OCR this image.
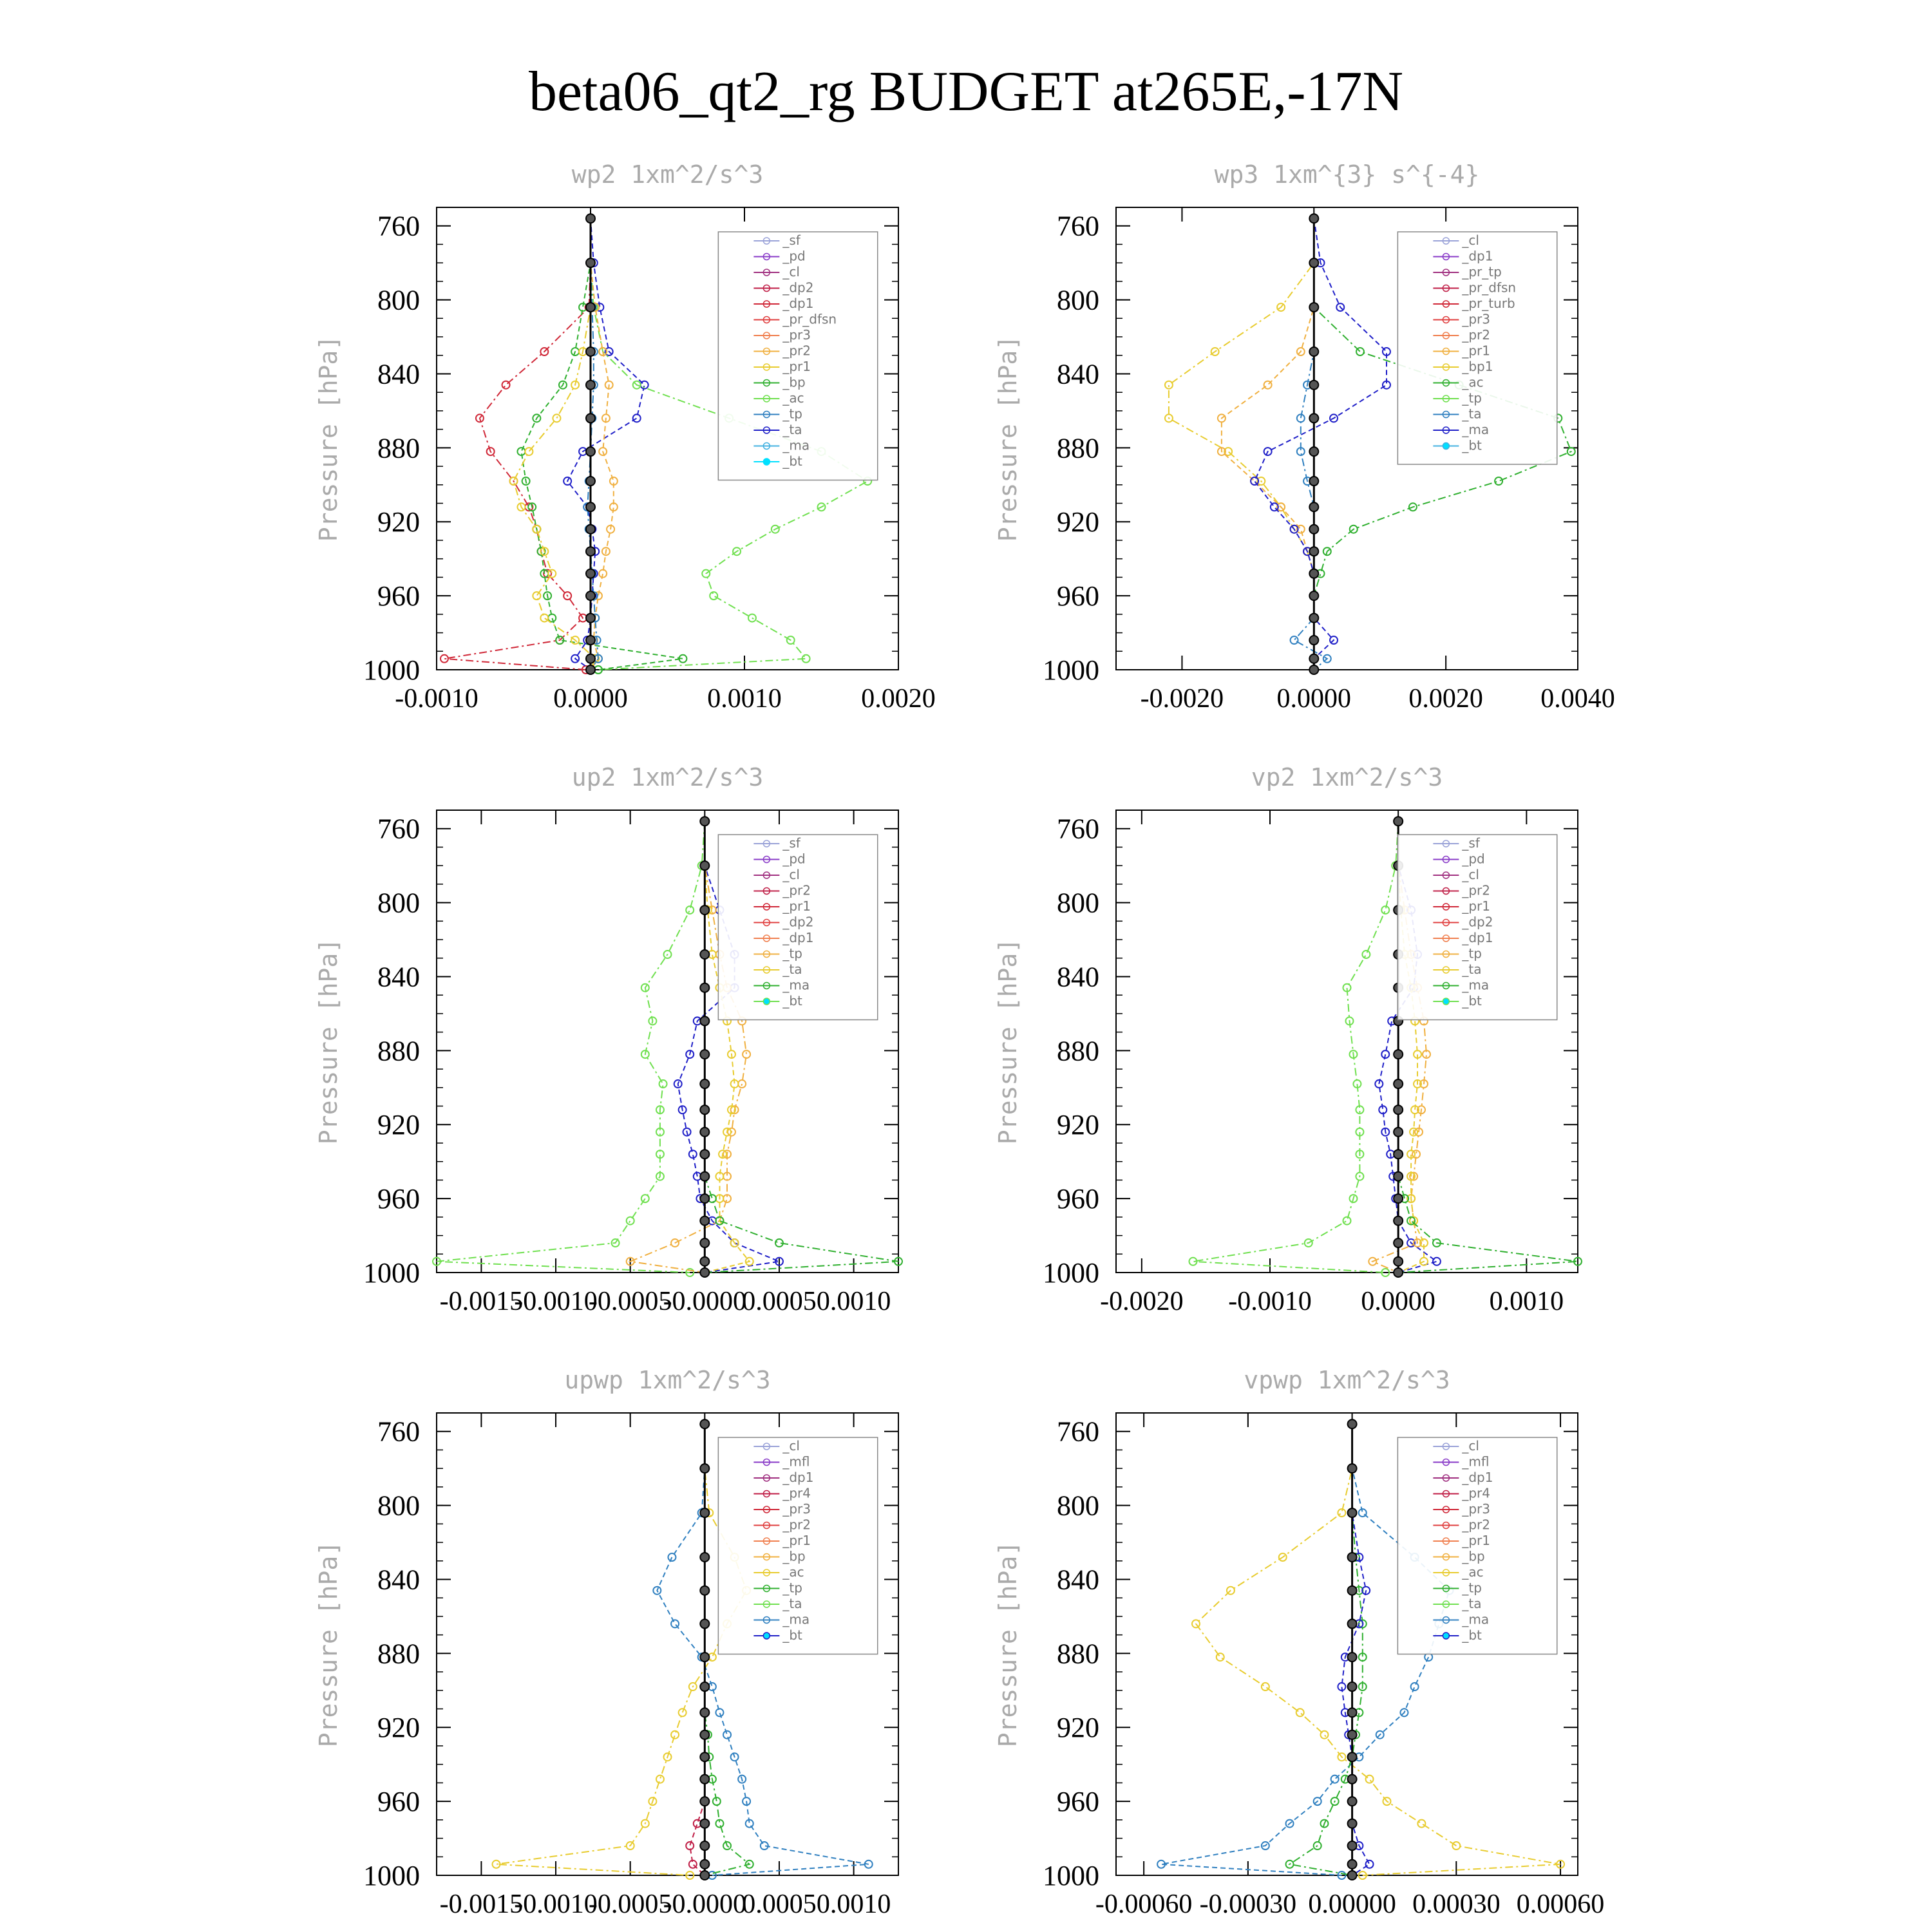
beta06_qt2_rg BUDGET at265E,-17N
wp2 1xm^2/s^3
760
800
840
880
920
960
1000
Pressure [hPa]
-0.0010	0.0000	0.0010	0.0020
_sf
_pd
_cl
_dp2
_dp1
_pr_dfsn
_pr3
_pr2
_pr1
_bp
_ac
_tp
_ta
_ma
_bt
wp3 1xm^{3} s^{-4}
760
800
840
880
920
960
1000
Pressure [hPa]
-0.0020 0.0000 0.0020 0.0040
_cl
_dp1
_pr_tp
_pr_dfsn
_pr_turb
_pr3
_pr2
_pr1
_bp1
_ac
_tp
_ta
_ma
_bt
up2 1xm^2/s^3
760
800
840
880
920
960
1000
Pressure [hPa]
-0.0015
-0.0010
-0.0005
-0.0000
0.0005 0.0010
_sf
_pd
_cl
_pr2
_pr1
_dp2
_dp1
_tp
_ta
_ma
_bt
vp2 1xm^2/s^3
760
800
840
880
920
960
1000
Pressure [hPa]
-0.0020 -0.0010 0.0000 0.0010
_sf
_pd
_cl
_pr2
_pr1
_dp2
_dp1
_tp
_ta
_ma
_bt
upwp 1xm^2/s^3
760
800
840
880
920
960
1000
Pressure [hPa]
-0.0015
-0.0010
-0.0005
-0.0000
0.0005 0.0010
_cl
_mfl
_dp1
_pr4
_pr3
_pr2
_pr1
_bp
_ac
_tp
_ta
_ma
_bt
vpwp 1xm^2/s^3
760
800
840
880
920
960
1000
Pressure [hPa]
-0.00060 -0.00030 0.00000 0.00030 0.00060
_cl
_mfl
_dp1
_pr4
_pr3
_pr2
_pr1
_bp
_ac
_tp
_ta
_ma
_bt
